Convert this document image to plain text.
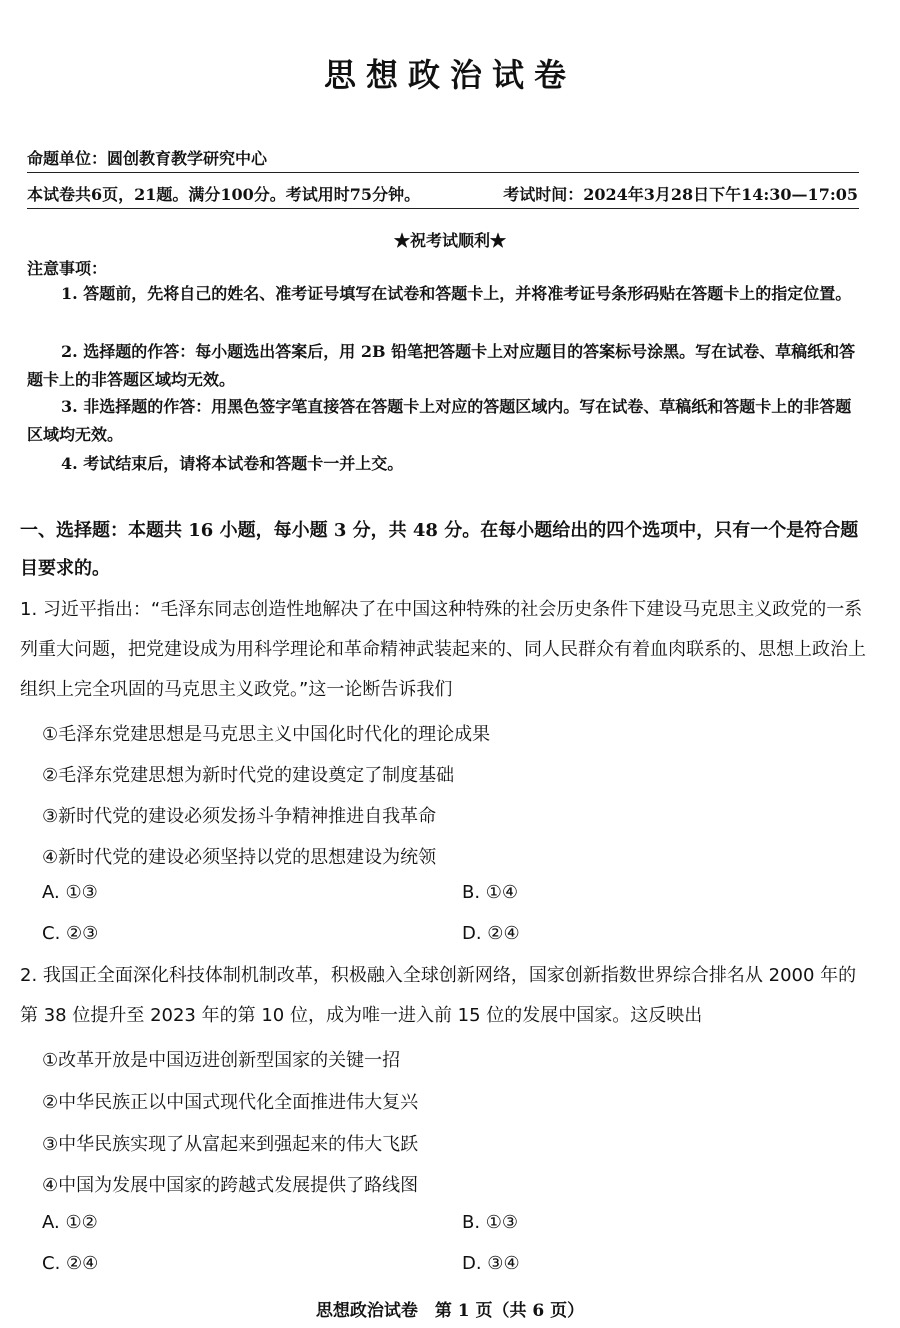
思想政治试卷
命题单位：圆创教育教学研究中心
本试卷共6页，21题。满分100分。考试用时75分钟。	考试时间：2024年3月28日下午14:30—17:05
★祝考试顺利★
注意事项：
1. 答题前，先将自己的姓名、准考证号填写在试卷和答题卡上，并将准考证号条形码贴在答题卡上的指定位置。
2. 选择题的作答：每小题选出答案后，用 2B 铅笔把答题卡上对应题目的答案标号涂黑。写在试卷、草稿纸和答题卡上的非答题区域均无效。
3. 非选择题的作答：用黑色签字笔直接答在答题卡上对应的答题区域内。写在试卷、草稿纸和答题卡上的非答题区域均无效。
4. 考试结束后，请将本试卷和答题卡一并上交。
一、选择题：本题共 16 小题，每小题 3 分，共 48 分。在每小题给出的四个选项中，只有一个是符合题目要求的。
1. 习近平指出：“毛泽东同志创造性地解决了在中国这种特殊的社会历史条件下建设马克思主义政党的一系列重大问题，把党建设成为用科学理论和革命精神武装起来的、同人民群众有着血肉联系的、思想上政治上组织上完全巩固的马克思主义政党。”这一论断告诉我们
①毛泽东党建思想是马克思主义中国化时代化的理论成果
②毛泽东党建思想为新时代党的建设奠定了制度基础
③新时代党的建设必须发扬斗争精神推进自我革命
④新时代党的建设必须坚持以党的思想建设为统领
A. ①③	B. ①④
C. ②③	D. ②④
2. 我国正全面深化科技体制机制改革，积极融入全球创新网络，国家创新指数世界综合排名从 2000 年的第 38 位提升至 2023 年的第 10 位，成为唯一进入前 15 位的发展中国家。这反映出
①改革开放是中国迈进创新型国家的关键一招
②中华民族正以中国式现代化全面推进伟大复兴
③中华民族实现了从富起来到强起来的伟大飞跃
④中国为发展中国家的跨越式发展提供了路线图
A. ①②	B. ①③
C. ②④	D. ③④
思想政治试卷　第 1 页（共 6 页）
